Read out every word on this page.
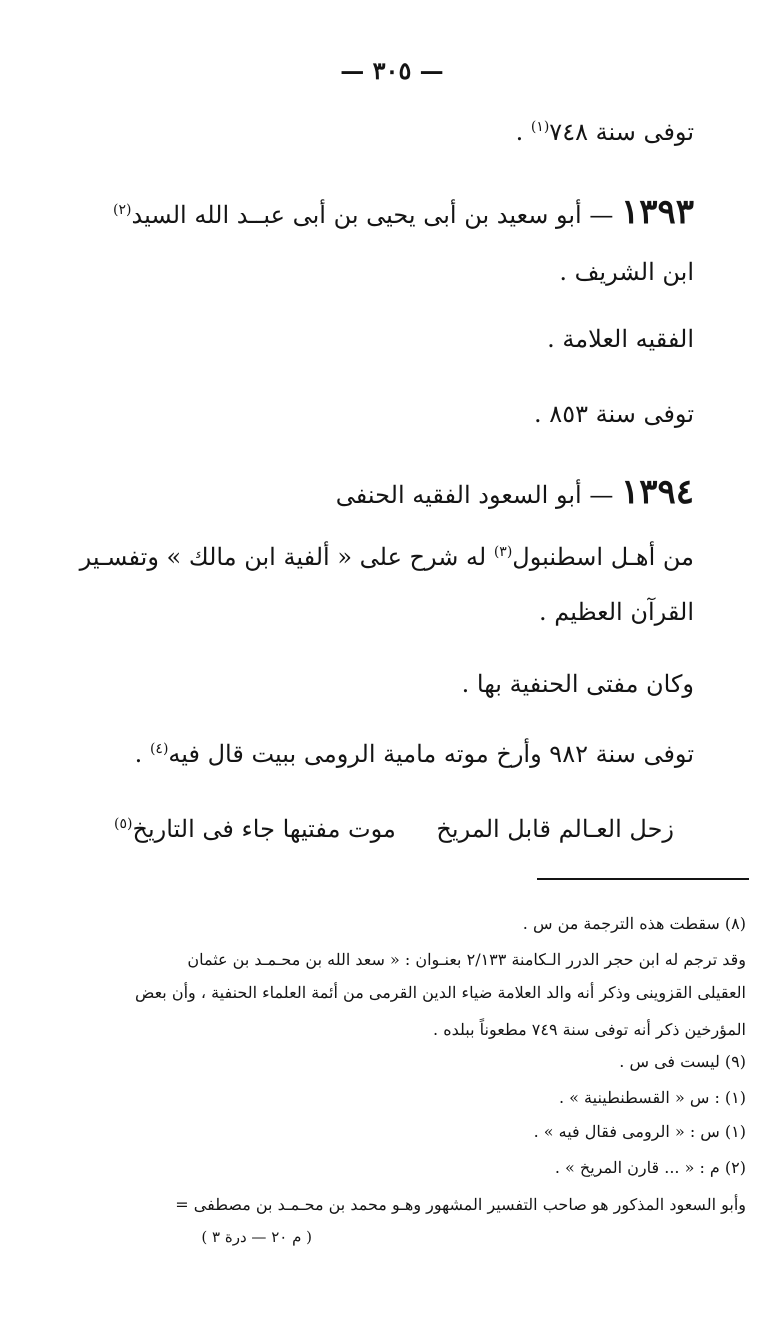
— ٣٠٥ —
توفى سنة ٧٤٨$^{(١)}$ .
١٣٩٣ — أبو سعيد بن أبى يحيى بن أبى عبــد الله السيد$^{(٢)}$
ابن الشريف .
الفقيه العلامة .
توفى سنة ٨٥٣ .
١٣٩٤ — أبو السعود الفقيه الحنفى
من أهـل اسطنبول$^{(٣)}$ له شرح على « ألفية ابن مالك » وتفسـير
القرآن العظيم .
وكان مفتى الحنفية بها .
توفى سنة ٩٨٢ وأرخ موته مامية الرومى ببيت قال فيه$^{(٤)}$ .
زحل العـالم قابل المريخ
موت مفتيها جاء فى التاريخ$^{(٥)}$
(٨) سقطت هذه الترجمة من س .
وقد ترجم له ابن حجر الدرر الـكامنة ٢/١٣٣ بعنـوان : « سعد الله بن محـمـد بن عثمان
العقيلى القزوينى وذكر أنه والد العلامة ضياء الدين القرمى من أئمة العلماء الحنفية ، وأن بعض
المؤرخين ذكر أنه توفى سنة ٧٤٩ مطعوناً ببلده .
(٩) ليست فى س .
(١) : س « القسطنطينية » .
(١) س : « الرومى فقال فيه » .
(٢) م : « ... قارن المريخ » .
وأبو السعود المذكور هو صاحب التفسير المشهور وهـو محمد بن محـمـد بن مصطفى =
( م ٢٠ — درة ٣ )
